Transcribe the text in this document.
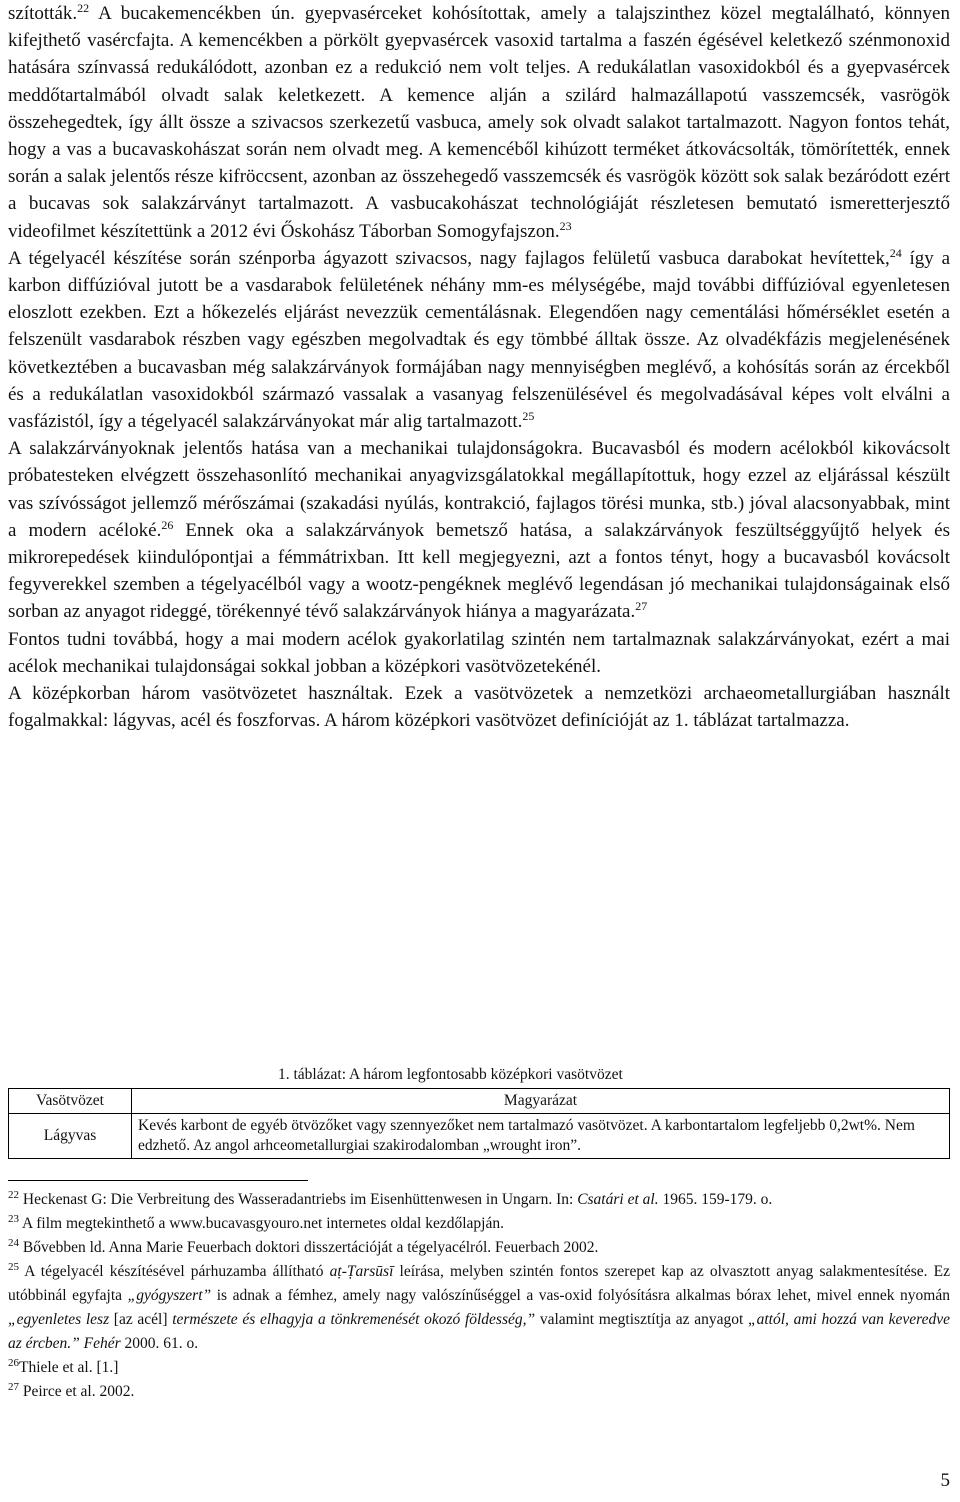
szították.$^{22}$ A bucakemencékben ún. gyepvasérceket kohósítottak, amely a talajszinthez közel megtalálható, könnyen kifejthető vasércfajta. A kemencékben a pörkölt gyepvasércek vasoxid tartalma a faszén égésével keletkező szénmonoxid hatására színvassá redukálódott, azonban ez a redukció nem volt teljes. A redukálatlan vasoxidokból és a gyepvasércek meddőtartalmából olvadt salak keletkezett. A kemence alján a szilárd halmazállapotú vasszemcsék, vasrögök összehegedtek, így állt össze a szivacsos szerkezetű vasbuca, amely sok olvadt salakot tartalmazott. Nagyon fontos tehát, hogy a vas a bucavaskohászat során nem olvadt meg. A kemencéből kihúzott terméket átkovácsolták, tömörítették, ennek során a salak jelentős része kifröccsent, azonban az összehegedő vasszemcsék és vasrögök között sok salak bezáródott ezért a bucavas sok salakzárványt tartalmazott. A vasbucakohászat technológiáját részletesen bemutató ismeretterjesztő videofilmet készítettünk a 2012 évi Őskohász Táborban Somogyfajszon.$^{23}$

A tégelyacél készítése során szénporba ágyazott szivacsos, nagy fajlagos felületű vasbuca darabokat hevítettek,$^{24}$ így a karbon diffúzióval jutott be a vasdarabok felületének néhány mm-es mélységébe, majd további diffúzióval egyenletesen eloszlott ezekben. Ezt a hőkezelés eljárást nevezzük cementálásnak. Elegendően nagy cementálási hőmérséklet esetén a felszenült vasdarabok részben vagy egészben megolvadtak és egy tömbbé álltak össze. Az olvadékfázis megjelenésének következtében a bucavasban még salakzárványok formájában nagy mennyiségben meglévő, a kohósítás során az ércekből és a redukálatlan vasoxidokból származó vassalak a vasanyag felszenülésével és megolvadásával képes volt elválni a vasfázistól, így a tégelyacél salakzárványokat már alig tartalmazott.$^{25}$

A salakzárványoknak jelentős hatása van a mechanikai tulajdonságokra. Bucavasból és modern acélokból kikovácsolt próbatesteken elvégzett összehasonlító mechanikai anyagvizsgálatokkal megállapítottuk, hogy ezzel az eljárással készült vas szívósságot jellemző mérőszámai (szakadási nyúlás, kontrakció, fajlagos törési munka, stb.) jóval alacsonyabbak, mint a modern acéloké.$^{26}$ Ennek oka a salakzárványok bemetsző hatása, a salakzárványok feszültséggyűjtő helyek és mikrorepedések kiindulópontjai a fémmátrixban. Itt kell megjegyezni, azt a fontos tényt, hogy a bucavasból kovácsolt fegyverekkel szemben a tégelyacélból vagy a wootz-pengéknek meglévő legendásan jó mechanikai tulajdonságainak első sorban az anyagot rideggé, törékennyé tévő salakzárványok hiánya a magyarázata.$^{27}$

Fontos tudni továbbá, hogy a mai modern acélok gyakorlatilag szintén nem tartalmaznak salakzárványokat, ezért a mai acélok mechanikai tulajdonságai sokkal jobban a középkori vasötvözetekénél.

A középkorban három vasötvözetet használtak. Ezek a vasötvözetek a nemzetközi archaeometallurgiában használt fogalmakkal: lágyvas, acél és foszforvas. A három középkori vasötvözet definícióját az 1. táblázat tartalmazza.

1. táblázat: A három legfontosabb középkori vasötvözet
Vasötvözet	Magyarázat
Lágyvas	Kevés karbont de egyéb ötvözőket vagy szennyezőket nem tartalmazó vasötvözet. A karbontartalom legfeljebb 0,2wt%. Nem edzhető. Az angol arhceometallurgiai szakirodalomban „wrought iron”.

$^{22}$ Heckenast G: Die Verbreitung des Wasseradantriebs im Eisenhüttenwesen in Ungarn. In: Csatári et al. 1965. 159-179. o.

$^{23}$ A film megtekinthető a www.bucavasgyouro.net internetes oldal kezdőlapján.

$^{24}$ Bővebben ld. Anna Marie Feuerbach doktori disszertációját a tégelyacélról. Feuerbach 2002.

$^{25}$ A tégelyacél készítésével párhuzamba állítható aṭ-Ṭarsūsī leírása, melyben szintén fontos szerepet kap az olvasztott anyag salakmentesítése. Ez utóbbinál egyfajta „gyógyszert” is adnak a fémhez, amely nagy valószínűséggel a vas-oxid folyósításra alkalmas bórax lehet, mivel ennek nyomán „egyenletes lesz [az acél] természete és elhagyja a tönkremenését okozó földesség,” valamint megtisztítja az anyagot „attól, ami hozzá van keveredve az ércben.” Fehér 2000. 61. o.

$^{26}$Thiele et al. [1.]

$^{27}$ Peirce et al. 2002.

5
